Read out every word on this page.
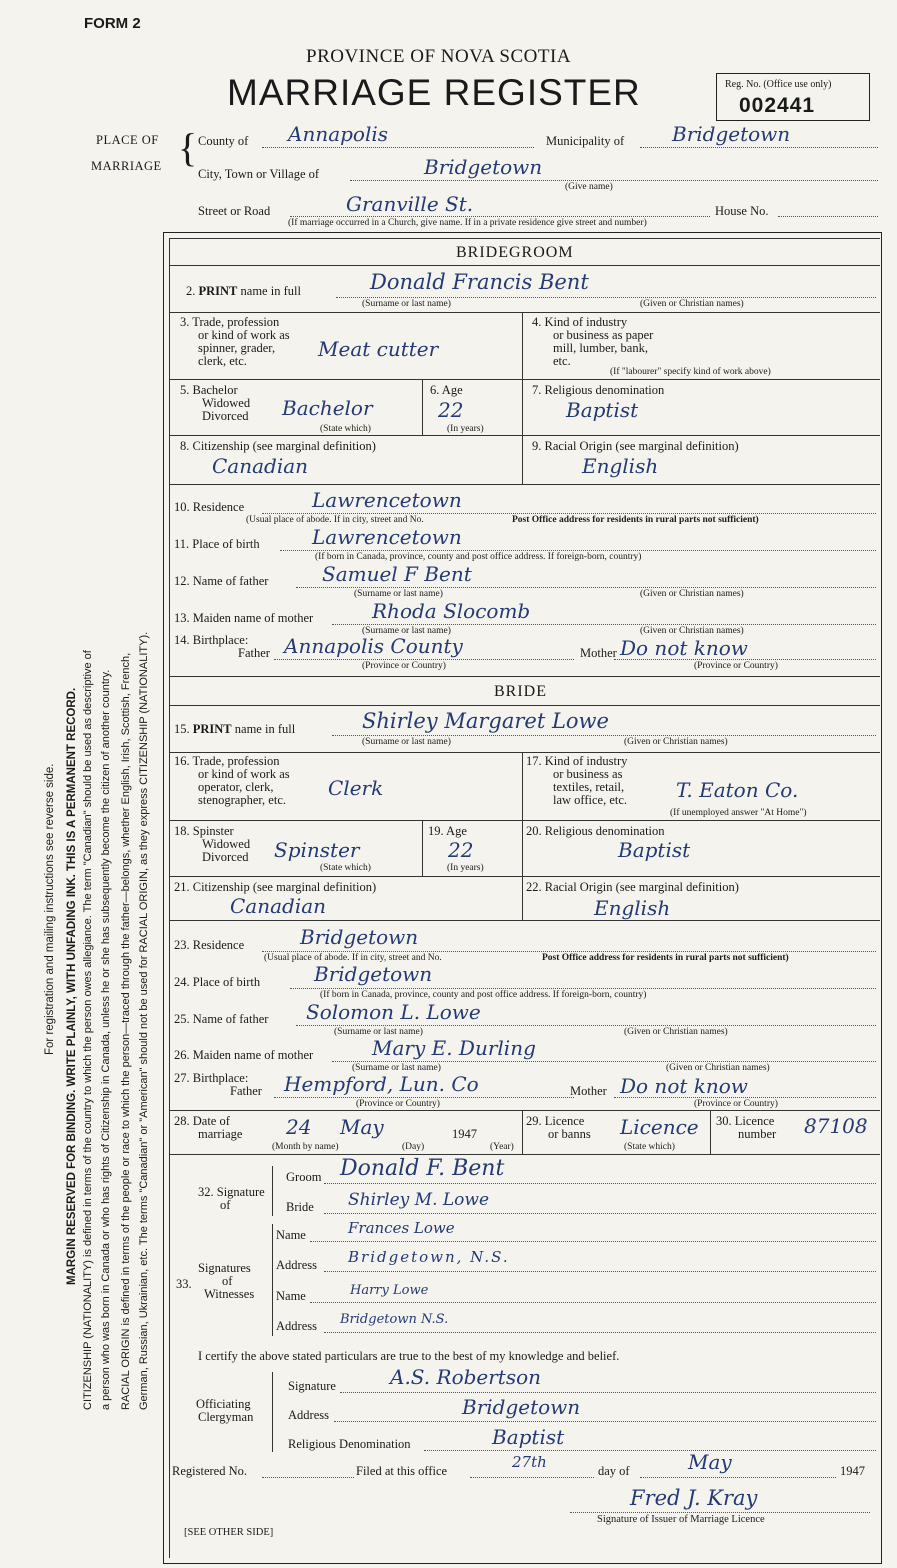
FORM 2
PROVINCE OF NOVA SCOTIA
MARRIAGE REGISTER	Reg. No. (Office use only)
002441
PLACE OF
MARRIAGE { County of Annapolis	Municipality of Bridgetown
City, Town or Village of	Bridgetown
(Give name)
Street or Road	Granville St.	House No.
(If marriage occurred in a Church, give name. If in a private residence give street and number)
For registration and mailing instructions see reverse side. MARGIN RESERVED FOR BINDING. WRITE PLAINLY, WITH UNFADING INK. THIS IS A PERMANENT RECORD. CITIZENSHIP (NATIONALITY) is defined in terms of the country to which the person owes allegiance. The term "Canadian" should be used as descriptive of a person who was born in Canada or who has rights of Citizenship in Canada, unless he or she has subsequently become the citizen of another country. RACIAL ORIGIN is defined in terms of the people or race to which the person—traced through the father—belongs, whether English, Irish, Scottish, French, German, Russian, Ukrainian, etc. The terms "Canadian" or "American" should not be used for RACIAL ORIGIN, as they express CITIZENSHIP (NATIONALITY).
BRIDEGROOM
2. PRINT name in full	Donald Francis Bent
(Surname or last name)	(Given or Christian names)
3. Trade, profession
or kind of work as
spinner, grader,
clerk, etc.	Meat cutter
4. Kind of industry
or business as paper
mill, lumber, bank,
etc.
(If "labourer" specify kind of work above)
5. Bachelor
Widowed
Divorced Bachelor
(State which)
6. Age
22
(In years)
7. Religious denomination
Baptist
8. Citizenship (see marginal definition)
Canadian
9. Racial Origin (see marginal definition)
English
10. Residence	Lawrencetown
(Usual place of abode. If in city, street and No.	Post Office address for residents in rural parts not sufficient)
11. Place of birth	Lawrencetown
(If born in Canada, province, county and post office address. If foreign-born, country)
12. Name of father	Samuel F Bent
(Surname or last name)	(Given or Christian names)
13. Maiden name of mother	Rhoda Slocomb
(Surname or last name)	(Given or Christian names)
14. Birthplace:
Father Annapolis County	Mother Do not know
(Province or Country)	(Province or Country)
BRIDE
15. PRINT name in full	Shirley Margaret Lowe
(Surname or last name)	(Given or Christian names)
16. Trade, profession
or kind of work as
operator, clerk,
stenographer, etc. Clerk
17. Kind of industry
or business as
textiles, retail,
law office, etc. T. Eaton Co.
(If unemployed answer "At Home")
18. Spinster
Widowed
Divorced Spinster
(State which)
19. Age
22
(In years)
20. Religious denomination
Baptist
21. Citizenship (see marginal definition)
Canadian
22. Racial Origin (see marginal definition)
English
23. Residence	Bridgetown
(Usual place of abode. If in city, street and No.	Post Office address for residents in rural parts not sufficient)
24. Place of birth	Bridgetown
(If born in Canada, province, county and post office address. If foreign-born, country)
25. Name of father Solomon L. Lowe
(Surname or last name)	(Given or Christian names)
26. Maiden name of mother	Mary E. Durling
(Surname or last name)	(Given or Christian names)
27. Birthplace:
Father Hempford, Lun. Co	Mother Do not know
(Province or Country)	(Province or Country)
28. Date of
marriage 24 May	1947
(Month by name)	(Day)	(Year)
29. Licence
or banns Licence
(State which)
30. Licence
number 87108
32. Signature
of
Groom Donald F. Bent
Bride Shirley M. Lowe
33.
Signatures
of
Witnesses
Name	Frances Lowe
Address Bridgetown, N.S.
Name	Harry Lowe
Address Bridgetown N.S.
I certify the above stated particulars are true to the best of my knowledge and belief.
Officiating
Clergyman
Signature	A.S. Robertson
Address	Bridgetown
Religious Denomination	Baptist
Registered No.	Filed at this office	27th	day of	May	1947
Fred J. Kray
Signature of Issuer of Marriage Licence
[SEE OTHER SIDE]
